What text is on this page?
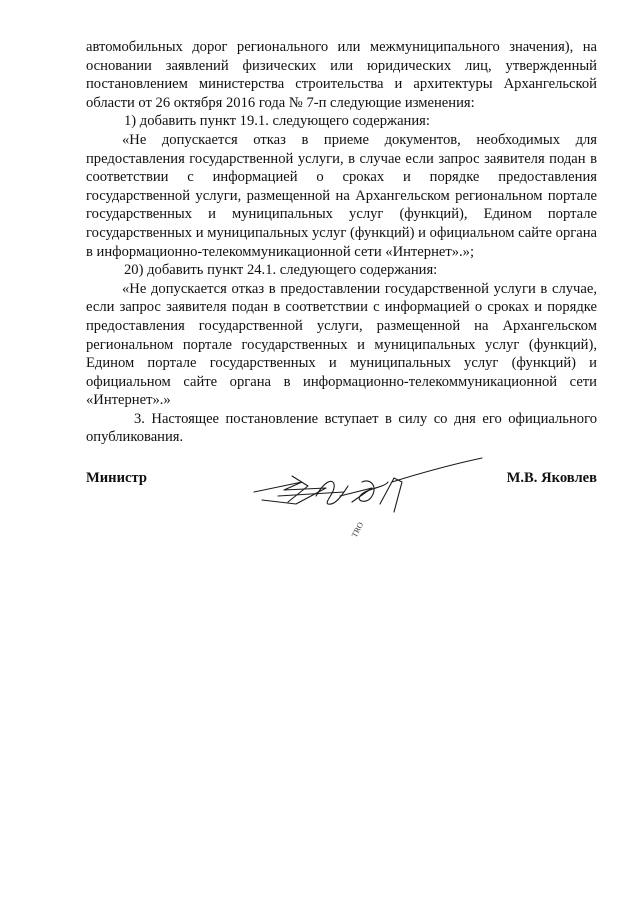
автомобильных дорог регионального или межмуниципального значения), на основании заявлений физических или юридических лиц, утвержденный постановлением министерства строительства и архитектуры Архангельской области от 26 октября 2016 года № 7-п следующие изменения:

1) добавить пункт 19.1. следующего содержания:

«Не допускается отказ в приеме документов, необходимых для предоставления государственной услуги, в случае если запрос заявителя подан в соответствии с информацией о сроках и порядке предоставления государственной услуги, размещенной на Архангельском региональном портале государственных и муниципальных услуг (функций), Едином портале государственных и муниципальных услуг (функций) и официальном сайте органа в информационно-телекоммуникационной сети «Интернет».»;

20) добавить пункт 24.1. следующего содержания:

«Не допускается отказ в предоставлении государственной услуги в случае, если запрос заявителя подан в соответствии с информацией о сроках и порядке предоставления государственной услуги, размещенной на Архангельском региональном портале государственных и муниципальных услуг (функций), Едином портале государственных и муниципальных услуг (функций) и официальном сайте органа в информационно-телекоммуникационной сети «Интернет».»

3. Настоящее постановление вступает в силу со дня его официального опубликования.

Министр	М.В. Яковлев
TRO
